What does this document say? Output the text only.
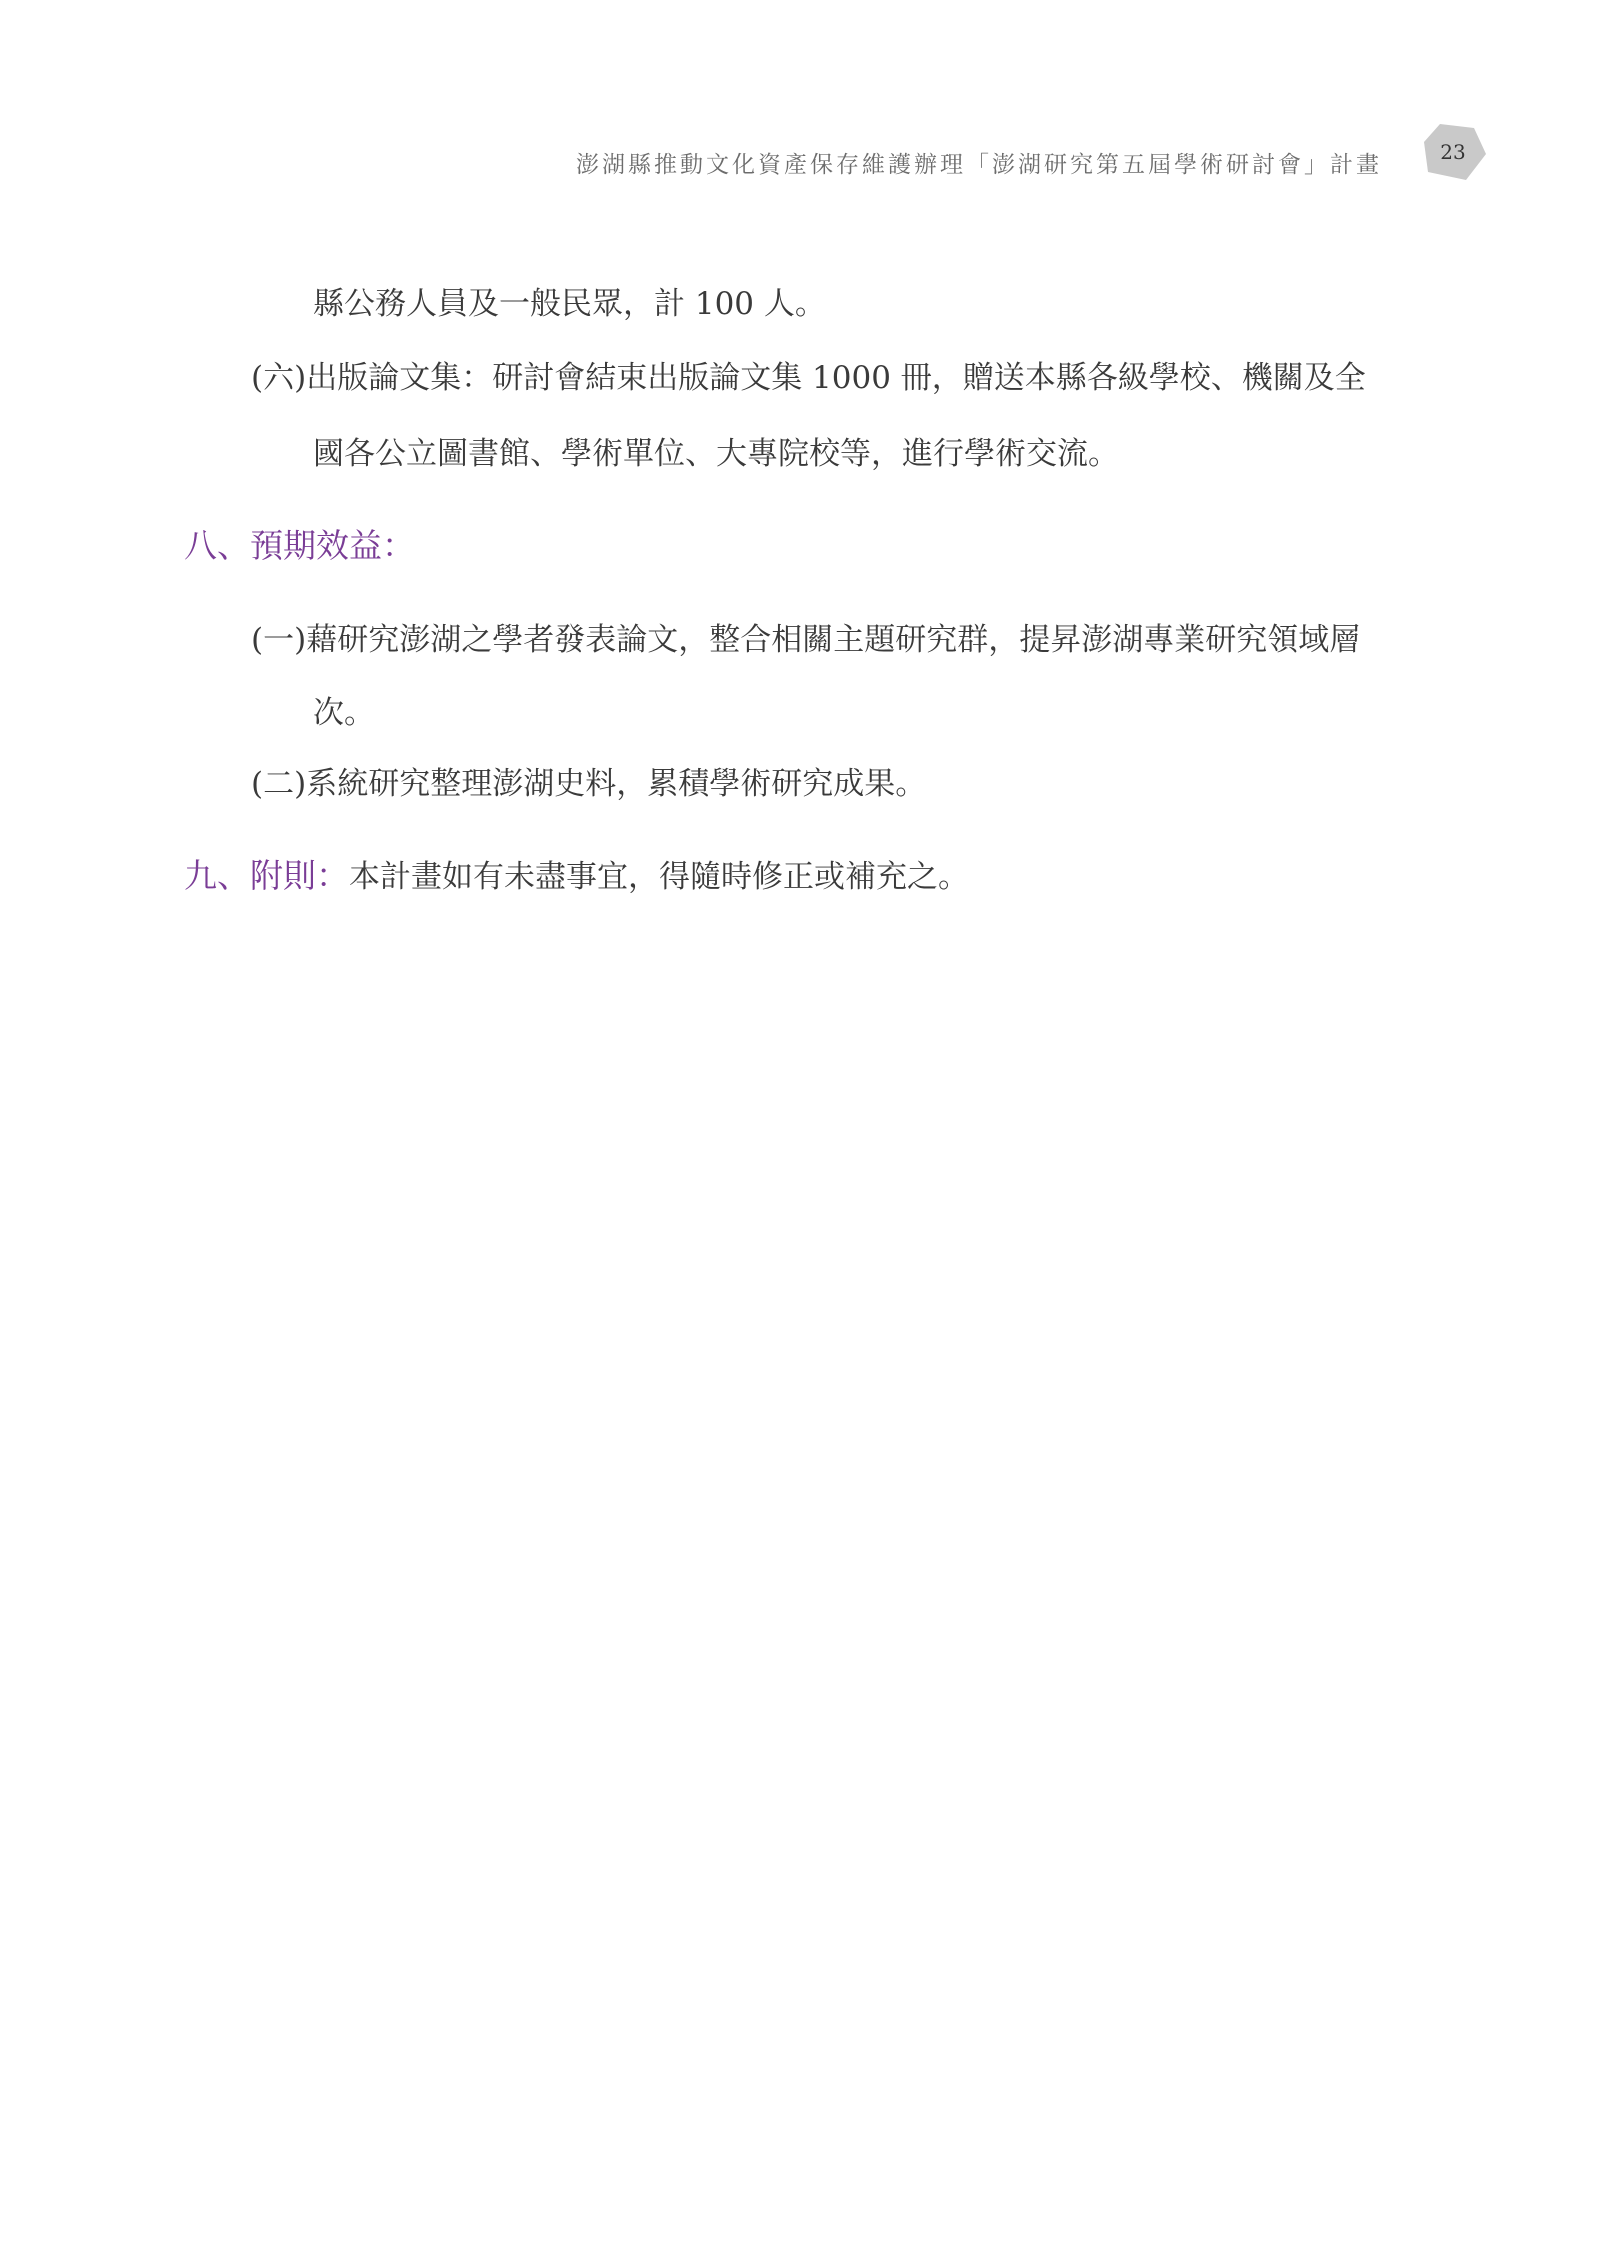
澎湖縣推動文化資產保存維護辦理「澎湖研究第五屆學術研討會」計畫	23
縣公務人員及一般民眾，計 100 人。
(六)出版論文集：研討會結束出版論文集 1000 冊，贈送本縣各級學校、機關及全
國各公立圖書館、學術單位、大專院校等，進行學術交流。
八、預期效益：
(一)藉研究澎湖之學者發表論文，整合相關主題研究群，提昇澎湖專業研究領域層
次。
(二)系統研究整理澎湖史料，累積學術研究成果。
九、附則：本計畫如有未盡事宜，得隨時修正或補充之。
